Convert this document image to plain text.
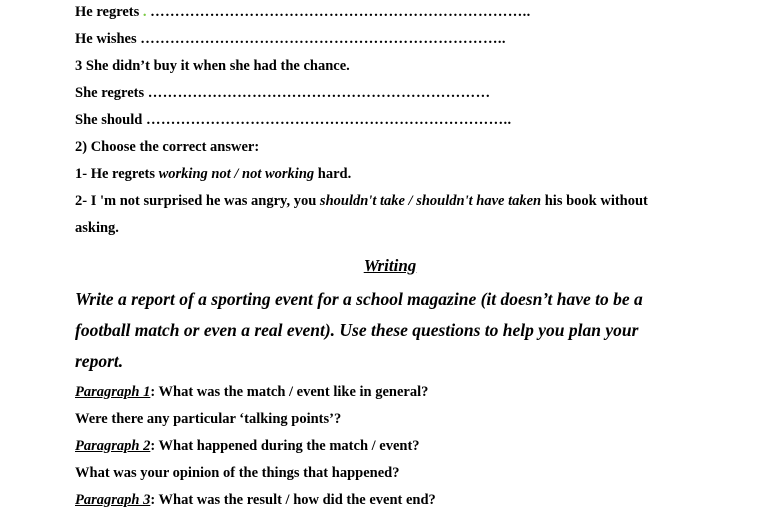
He regrets . …………………………………………………………………..
He wishes ………………………………………………………………..
3 She didn’t buy it when she had the chance.
She regrets ……………………………………………………………
She should ………………………………………………………………..
2) Choose the correct answer:
1- He regrets working not / not working hard.
2- I 'm not surprised he was angry, you shouldn't take / shouldn't have taken his book without
asking.
Writing
Write a report of a sporting event for a school magazine (it doesn’t have to be a
football match or even a real event). Use these questions to help you plan your
report.
Paragraph 1: What was the match / event like in general?
Were there any particular ‘talking points’?
Paragraph 2: What happened during the match / event?
What was your opinion of the things that happened?
Paragraph 3: What was the result / how did the event end?
